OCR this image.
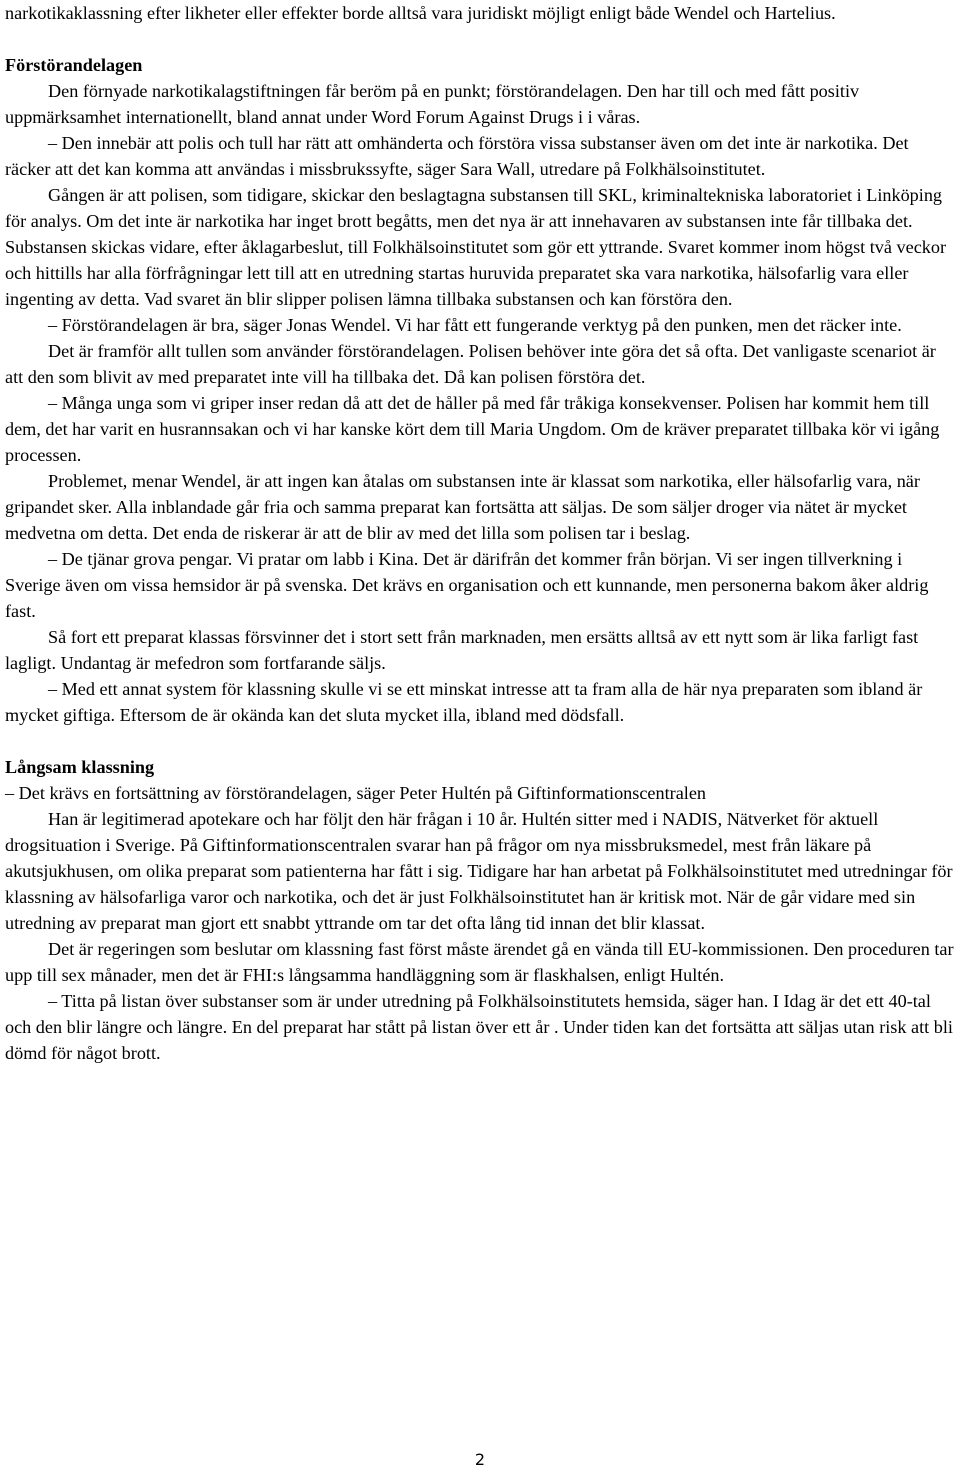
narkotikaklassning efter likheter eller effekter borde alltså vara juridiskt möjligt enligt både Wendel och Hartelius.

Förstörandelagen

Den förnyade narkotikalagstiftningen får beröm på en punkt; förstörandelagen. Den har till och med fått positiv uppmärksamhet internationellt, bland annat under Word Forum Against Drugs i i våras.

– Den innebär att polis och tull har rätt att omhänderta och förstöra vissa substanser även om det inte är narkotika. Det räcker att det kan komma att användas i missbrukssyfte, säger Sara Wall, utredare på Folkhälsoinstitutet.

Gången är att polisen, som tidigare, skickar den beslagtagna substansen till SKL, kriminaltekniska laboratoriet i Linköping för analys. Om det inte är narkotika har inget brott begåtts, men det nya är att innehavaren av substansen inte får tillbaka det. Substansen skickas vidare, efter åklagarbeslut, till Folkhälsoinstitutet som gör ett yttrande. Svaret kommer inom högst två veckor och hittills har alla förfrågningar lett till att en utredning startas huruvida preparatet ska vara narkotika, hälsofarlig vara eller ingenting av detta. Vad svaret än blir slipper polisen lämna tillbaka substansen och kan förstöra den.

– Förstörandelagen är bra, säger Jonas Wendel. Vi har fått ett fungerande verktyg på den punken, men det räcker inte.

Det är framför allt tullen som använder förstörandelagen. Polisen behöver inte göra det så ofta. Det vanligaste scenariot är att den som blivit av med preparatet inte vill ha tillbaka det. Då kan polisen förstöra det.

– Många unga som vi griper inser redan då att det de håller på med får tråkiga konsekvenser. Polisen har kommit hem till dem, det har varit en husrannsakan och vi har kanske kört dem till Maria Ungdom. Om de kräver preparatet tillbaka kör vi igång processen.

Problemet, menar Wendel, är att ingen kan åtalas om substansen inte är klassat som narkotika, eller hälsofarlig vara, när gripandet sker. Alla inblandade går fria och samma preparat kan fortsätta att säljas. De som säljer droger via nätet är mycket medvetna om detta. Det enda de riskerar är att de blir av med det lilla som polisen tar i beslag.

– De tjänar grova pengar. Vi pratar om labb i Kina. Det är därifrån det kommer från början. Vi ser ingen tillverkning i Sverige även om vissa hemsidor är på svenska. Det krävs en organisation och ett kunnande, men personerna bakom åker aldrig fast.

Så fort ett preparat klassas försvinner det i stort sett från marknaden, men ersätts alltså av ett nytt som är lika farligt fast lagligt. Undantag är mefedron som fortfarande säljs.

– Med ett annat system för klassning skulle vi se ett minskat intresse att ta fram alla de här nya preparaten som ibland är mycket giftiga. Eftersom de är okända kan det sluta mycket illa, ibland med dödsfall.

Långsam klassning

– Det krävs en fortsättning av förstörandelagen, säger Peter Hultén på Giftinformationscentralen

Han är legitimerad apotekare och har följt den här frågan i 10 år. Hultén sitter med i NADIS, Nätverket för aktuell drogsituation i Sverige. På Giftinformationscentralen svarar han på frågor om nya missbruksmedel, mest från läkare på akutsjukhusen, om olika preparat som patienterna har fått i sig. Tidigare har han arbetat på Folkhälsoinstitutet med utredningar för klassning av hälsofarliga varor och narkotika, och det är just Folkhälsoinstitutet han är kritisk mot. När de går vidare med sin utredning av preparat man gjort ett snabbt yttrande om tar det ofta lång tid innan det blir klassat.

Det är regeringen som beslutar om klassning fast först måste ärendet gå en vända till EU-kommissionen. Den proceduren tar upp till sex månader, men det är FHI:s långsamma handläggning som är flaskhalsen, enligt Hultén.

– Titta på listan över substanser som är under utredning på Folkhälsoinstitutets hemsida, säger han. I Idag är det ett 40-tal och den blir längre och längre. En del preparat har stått på listan över ett år . Under tiden kan det fortsätta att säljas utan risk att bli dömd för något brott.

2
